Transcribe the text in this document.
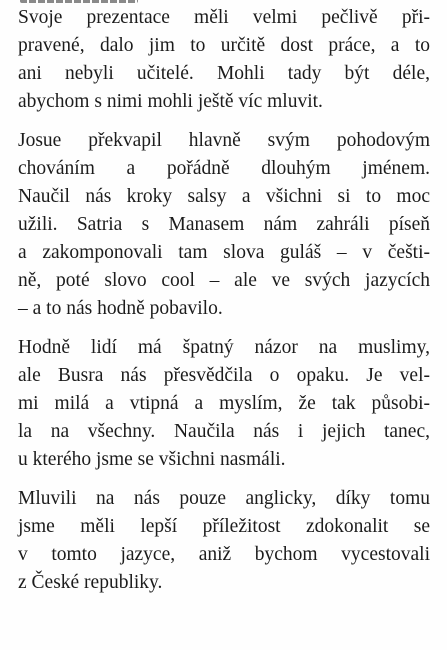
Svoje prezentace měli velmi pečlivě při-
pravené, dalo jim to určitě dost práce, a to
ani nebyli učitelé. Mohli tady být déle,
abychom s nimi mohli ještě víc mluvit.

Josue překvapil hlavně svým pohodovým
chováním a pořádně dlouhým jménem.
Naučil nás kroky salsy a všichni si to moc
užili. Satria s Manasem nám zahráli píseň
a zakomponovali tam slova guláš – v češti-
ně, poté slovo cool – ale ve svých jazycích
– a to nás hodně pobavilo.

Hodně lidí má špatný názor na muslimy,
ale Busra nás přesvědčila o opaku. Je vel-
mi milá a vtipná a myslím, že tak působi-
la na všechny. Naučila nás i jejich tanec,
u kterého jsme se všichni nasmáli.

Mluvili na nás pouze anglicky, díky tomu
jsme měli lepší příležitost zdokonalit se
v tomto jazyce, aniž bychom vycestovali
z České republiky.
